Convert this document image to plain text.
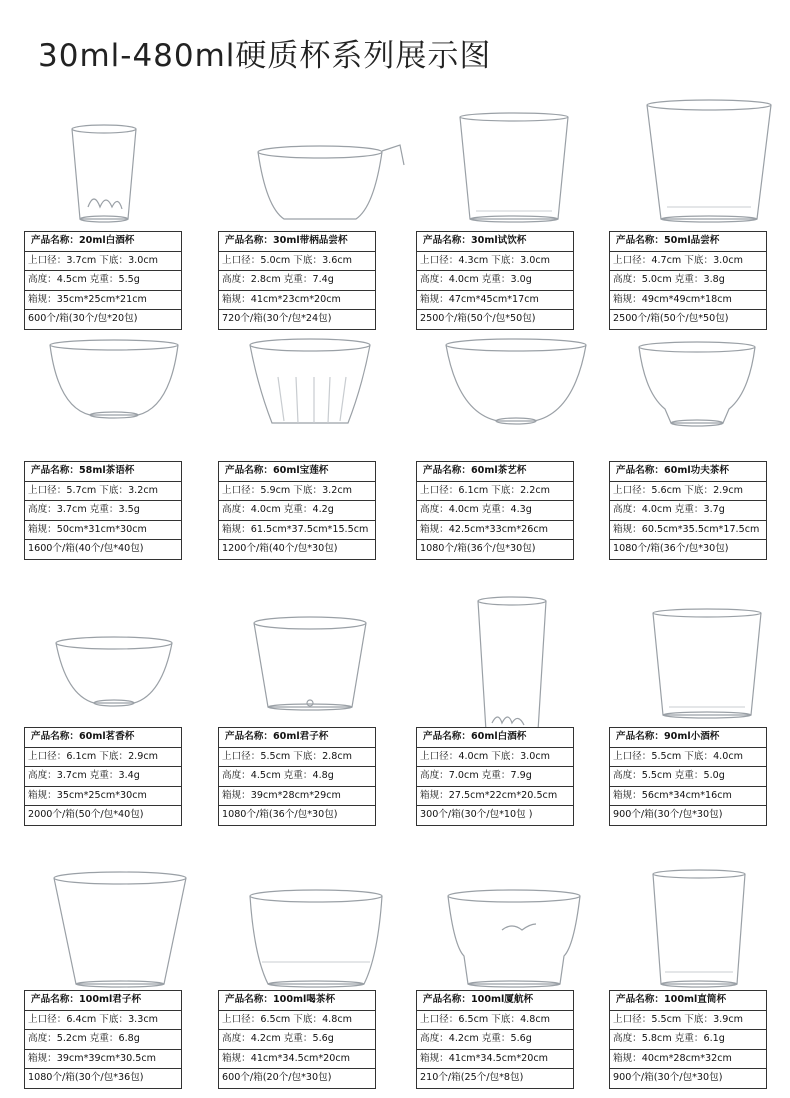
30ml-480ml硬质杯系列展示图
产品名称：20ml白酒杯
上口径：3.7cm 下底：3.0cm
高度：4.5cm 克重：5.5g
箱规：35cm*25cm*21cm
600个/箱(30个/包*20包)
产品名称：30ml带柄品尝杯
上口径：5.0cm 下底：3.6cm
高度：2.8cm 克重：7.4g
箱规：41cm*23cm*20cm
720个/箱(30个/包*24包)
产品名称：30ml试饮杯
上口径：4.3cm 下底：3.0cm
高度：4.0cm 克重：3.0g
箱规：47cm*45cm*17cm
2500个/箱(50个/包*50包)
产品名称：50ml品尝杯
上口径：4.7cm 下底：3.0cm
高度：5.0cm 克重：3.8g
箱规：49cm*49cm*18cm
2500个/箱(50个/包*50包)
产品名称：58ml茶语杯
上口径：5.7cm 下底：3.2cm
高度：3.7cm 克重：3.5g
箱规：50cm*31cm*30cm
1600个/箱(40个/包*40包)
产品名称：60ml宝莲杯
上口径：5.9cm 下底：3.2cm
高度：4.0cm 克重：4.2g
箱规：61.5cm*37.5cm*15.5cm
1200个/箱(40个/包*30包)
产品名称：60ml茶艺杯
上口径：6.1cm 下底：2.2cm
高度：4.0cm 克重：4.3g
箱规：42.5cm*33cm*26cm
1080个/箱(36个/包*30包)
产品名称：60ml功夫茶杯
上口径：5.6cm 下底：2.9cm
高度：4.0cm 克重：3.7g
箱规：60.5cm*35.5cm*17.5cm
1080个/箱(36个/包*30包)
产品名称：60ml茗香杯
上口径：6.1cm 下底：2.9cm
高度：3.7cm 克重：3.4g
箱规：35cm*25cm*30cm
2000个/箱(50个/包*40包)
产品名称：60ml君子杯
上口径：5.5cm 下底：2.8cm
高度：4.5cm 克重：4.8g
箱规：39cm*28cm*29cm
1080个/箱(36个/包*30包)
产品名称：60ml白酒杯
上口径：4.0cm 下底：3.0cm
高度：7.0cm 克重：7.9g
箱规：27.5cm*22cm*20.5cm
300个/箱(30个/包*10包 )
产品名称：90ml小酒杯
上口径：5.5cm 下底：4.0cm
高度：5.5cm 克重：5.0g
箱规：56cm*34cm*16cm
900个/箱(30个/包*30包)
产品名称：100ml君子杯
上口径：6.4cm 下底：3.3cm
高度：5.2cm 克重：6.8g
箱规：39cm*39cm*30.5cm
1080个/箱(30个/包*36包)
产品名称：100ml喝茶杯
上口径：6.5cm 下底：4.8cm
高度：4.2cm 克重：5.6g
箱规：41cm*34.5cm*20cm
600个/箱(20个/包*30包)
产品名称：100ml厦航杯
上口径：6.5cm 下底：4.8cm
高度：4.2cm 克重：5.6g
箱规：41cm*34.5cm*20cm
210个/箱(25个/包*8包)
产品名称：100ml直筒杯
上口径：5.5cm 下底：3.9cm
高度：5.8cm 克重：6.1g
箱规：40cm*28cm*32cm
900个/箱(30个/包*30包)
